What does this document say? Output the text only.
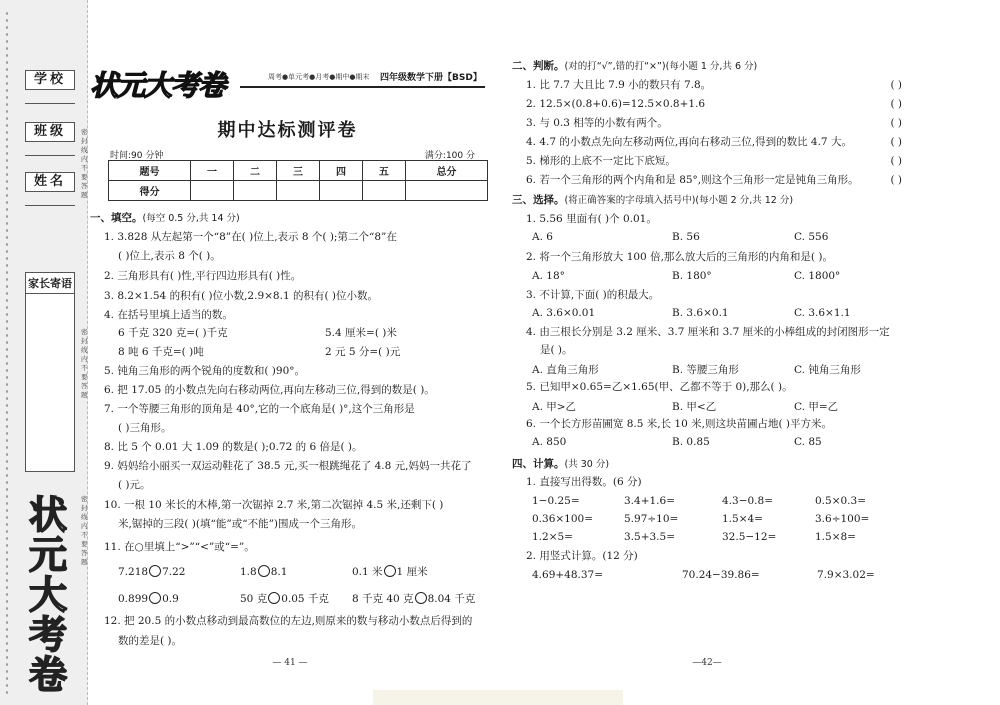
学校
班级
姓名
密封线内不要答题
密封线内不要答题
密封线内不要答题
家长寄语
状元大考卷
状元大考卷	周考●单元考●月考●期中●期末 四年级数学下册【BSD】
期中达标测评卷
时间:90 分钟	满分:100 分
题号	一	二	三	四	五	总分
得分						
一、填空。(每空 0.5 分,共 14 分)
1. 3.828 从左起第一个“8”在( )位上,表示 8 个( );第二个“8”在
( )位上,表示 8 个( )。
2. 三角形具有( )性,平行四边形具有( )性。
3. 8.2×1.54 的积有( )位小数,2.9×8.1 的积有( )位小数。
4. 在括号里填上适当的数。
6 千克 320 克=( )千克	5.4 厘米=( )米
8 吨 6 千克=( )吨	2 元 5 分=( )元
5. 钝角三角形的两个锐角的度数和( )90°。
6. 把 17.05 的小数点先向右移动两位,再向左移动三位,得到的数是( )。
7. 一个等腰三角形的顶角是 40°,它的一个底角是( )°,这个三角形是
( )三角形。
8. 比 5 个 0.01 大 1.09 的数是( );0.72 的 6 倍是( )。
9. 妈妈给小丽买一双运动鞋花了 38.5 元,买一根跳绳花了 4.8 元,妈妈一共花了
( )元。
10. 一根 10 米长的木棒,第一次锯掉 2.7 米,第二次锯掉 4.5 米,还剩下( )
米,锯掉的三段( )(填“能”或“不能”)围成一个三角形。
11. 在○里填上“>”“<”或“=”。
7.218 7.22	1.8 8.1	0.1 米 1 厘米
0.899 0.9	50 克 0.05 千克 8 千克 40 克 8.04 千克
12. 把 20.5 的小数点移动到最高数位的左边,则原来的数与移动小数点后得到的
数的差是( )。
— 41 —
二、判断。(对的打“√”,错的打“×”)(每小题 1 分,共 6 分)
1. 比 7.7 大且比 7.9 小的数只有 7.8。	( )
2. 12.5×(0.8+0.6)=12.5×0.8+1.6	( )
3. 与 0.3 相等的小数有两个。	( )
4. 4.7 的小数点先向左移动两位,再向右移动三位,得到的数比 4.7 大。	( )
5. 梯形的上底不一定比下底短。	( )
6. 若一个三角形的两个内角和是 85°,则这个三角形一定是钝角三角形。	( )
三、选择。(将正确答案的字母填入括号中)(每小题 2 分,共 12 分)
1. 5.56 里面有( )个 0.01。
A. 6	B. 56	C. 556
2. 将一个三角形放大 100 倍,那么放大后的三角形的内角和是( )。
A. 18°	B. 180°	C. 1800°
3. 不计算,下面( )的积最大。
A. 3.6×0.01	B. 3.6×0.1	C. 3.6×1.1
4. 由三根长分别是 3.2 厘米、3.7 厘米和 3.7 厘米的小棒组成的封闭图形一定
是( )。
A. 直角三角形	B. 等腰三角形	C. 钝角三角形
5. 已知甲×0.65=乙×1.65(甲、乙都不等于 0),那么( )。
A. 甲>乙	B. 甲<乙	C. 甲=乙
6. 一个长方形苗圃宽 8.5 米,长 10 米,则这块苗圃占地( )平方米。
A. 850	B. 0.85	C. 85
四、计算。(共 30 分)
1. 直接写出得数。(6 分)
1−0.25=	3.4+1.6=	4.3−0.8=	0.5×0.3=
0.36×100=	5.97÷10=	1.5×4=	3.6÷100=
1.2×5=	3.5+3.5=	32.5−12=	1.5×8=
2. 用竖式计算。(12 分)
4.69+48.37=	70.24−39.86=	7.9×3.02=
—42—
